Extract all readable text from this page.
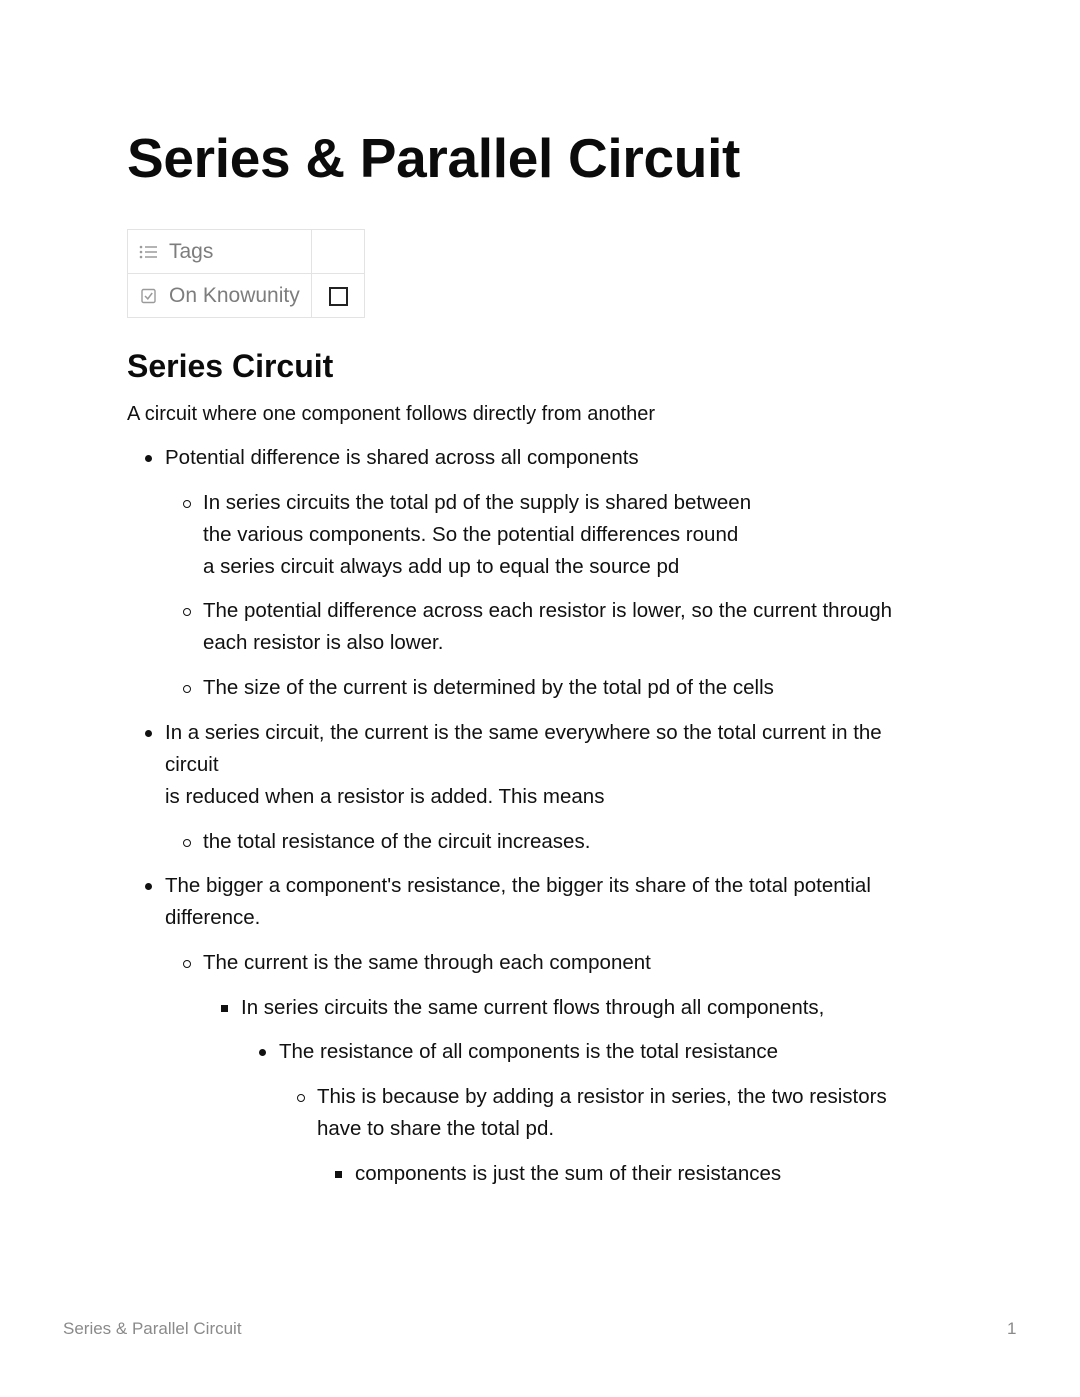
Series & Parallel Circuit
Tags	

On Knowunity	

Series Circuit

A circuit where one component follows directly from another

Potential difference is shared across all components
In series circuits the total pd of the supply is shared between
the various components. So the potential differences round
a series circuit always add up to equal the source pd
The potential difference across each resistor is lower, so the current through
each resistor is also lower.
The size of the current is determined by the total pd of the cells
In a series circuit, the current is the same everywhere so the total current in the
circuit
is reduced when a resistor is added. This means
the total resistance of the circuit increases.
The bigger a component's resistance, the bigger its share of the total potential
difference.
The current is the same through each component
In series circuits the same current flows through all components,
The resistance of all components is the total resistance
This is because by adding a resistor in series, the two resistors
have to share the total pd.
components is just the sum of their resistances
Series & Parallel Circuit	1
